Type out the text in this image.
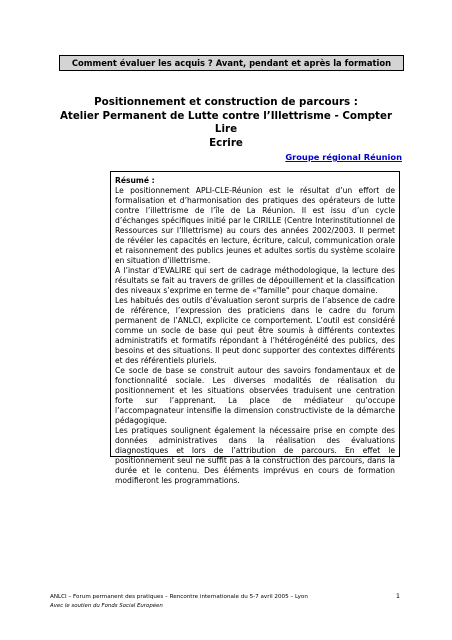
Comment évaluer les acquis ? Avant, pendant et après la formation
Positionnement et construction de parcours :
Atelier Permanent de Lutte contre l’Illettrisme - Compter Lire
Ecrire
Groupe régional Réunion
Résumé :

Le positionnement APLI-CLE-Réunion est le résultat d’un effort de formalisation et d’harmonisation des pratiques des opérateurs de lutte contre l’illettrisme de l’île de La Réunion. Il est issu d’un cycle d’échanges spécifiques initié par le CIRILLE (Centre Interinstitutionnel de Ressources sur l’Illettrisme) au cours des années 2002/2003. Il permet de révéler les capacités en lecture, écriture, calcul, communication orale et raisonnement des publics jeunes et adultes sortis du système scolaire en situation d’illettrisme.

A l’instar d’EVALIRE qui sert de cadrage méthodologique, la lecture des résultats se fait au travers de grilles de dépouillement et la classification des niveaux s’exprime en terme de «"famille" pour chaque domaine.

Les habitués des outils d’évaluation seront surpris de l’absence de cadre de référence, l’expression des praticiens dans le cadre du forum permanent de l’ANLCI, explicite ce comportement. L’outil est considéré comme un socle de base qui peut être soumis à différents contextes administratifs et formatifs répondant à l’hétérogénéité des publics, des besoins et des situations. Il peut donc supporter des contextes différents et des référentiels pluriels.

Ce socle de base se construit autour des savoirs fondamentaux et de fonctionnalité sociale. Les diverses modalités de réalisation du positionnement et les situations observées traduisent une centration forte sur l’apprenant. La place de médiateur qu’occupe l’accompagnateur intensifie la dimension constructiviste de la démarche pédagogique.

Les pratiques soulignent également la nécessaire prise en compte des données administratives dans la réalisation des évaluations diagnostiques et lors de l’attribution de parcours. En effet le positionnement seul ne suffit pas à la construction des parcours, dans la durée et le contenu. Des éléments imprévus en cours de formation modifieront les programmations.

ANLCI – Forum permanent des pratiques – Rencontre internationale du 5-7 avril 2005 – Lyon
Avec le soutien du Fonds Social Européen
1
